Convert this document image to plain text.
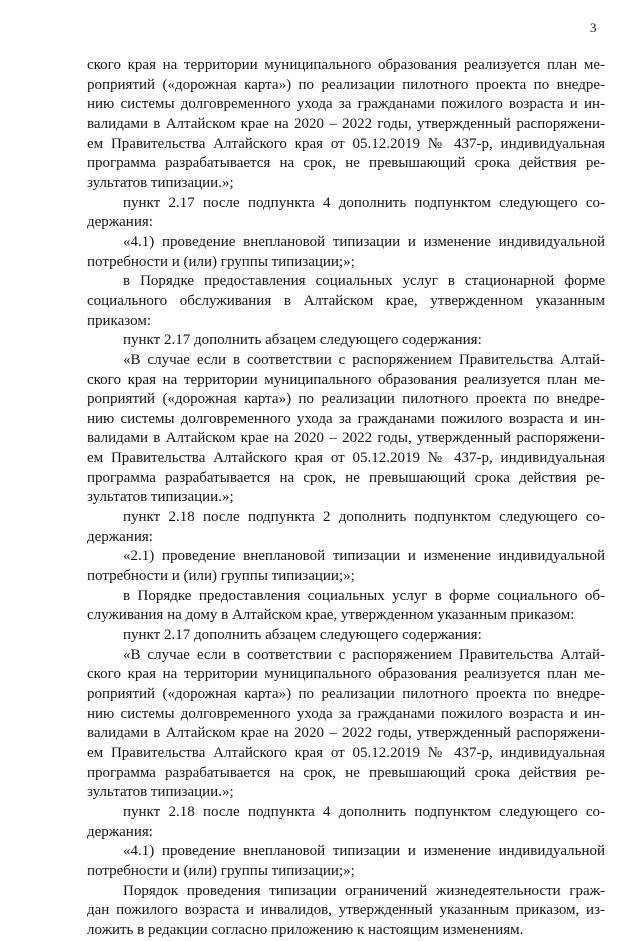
3
ского края на территории муниципального образования реализуется план ме-
роприятий («дорожная карта») по реализации пилотного проекта по внедре-
нию системы долговременного ухода за гражданами пожилого возраста и ин-
валидами в Алтайском крае на 2020 – 2022 годы, утвержденный распоряжени-
ем Правительства Алтайского края от 05.12.2019 № 437-р, индивидуальная
программа разрабатывается на срок, не превышающий срока действия ре-
зультатов типизации.»;
пункт 2.17 после подпункта 4 дополнить подпунктом следующего со-
держания:
«4.1) проведение внеплановой типизации и изменение индивидуальной
потребности и (или) группы типизации;»;
в Порядке предоставления социальных услуг в стационарной форме
социального обслуживания в Алтайском крае, утвержденном указанным
приказом:
пункт 2.17 дополнить абзацем следующего содержания:
«В случае если в соответствии с распоряжением Правительства Алтай-
ского края на территории муниципального образования реализуется план ме-
роприятий («дорожная карта») по реализации пилотного проекта по внедре-
нию системы долговременного ухода за гражданами пожилого возраста и ин-
валидами в Алтайском крае на 2020 – 2022 годы, утвержденный распоряжени-
ем Правительства Алтайского края от 05.12.2019 № 437-р, индивидуальная
программа разрабатывается на срок, не превышающий срока действия ре-
зультатов типизации.»;
пункт 2.18 после подпункта 2 дополнить подпунктом следующего со-
держания:
«2.1) проведение внеплановой типизации и изменение индивидуальной
потребности и (или) группы типизации;»;
в Порядке предоставления социальных услуг в форме социального об-
служивания на дому в Алтайском крае, утвержденном указанным приказом:
пункт 2.17 дополнить абзацем следующего содержания:
«В случае если в соответствии с распоряжением Правительства Алтай-
ского края на территории муниципального образования реализуется план ме-
роприятий («дорожная карта») по реализации пилотного проекта по внедре-
нию системы долговременного ухода за гражданами пожилого возраста и ин-
валидами в Алтайском крае на 2020 – 2022 годы, утвержденный распоряжени-
ем Правительства Алтайского края от 05.12.2019 № 437-р, индивидуальная
программа разрабатывается на срок, не превышающий срока действия ре-
зультатов типизации.»;
пункт 2.18 после подпункта 4 дополнить подпунктом следующего со-
держания:
«4.1) проведение внеплановой типизации и изменение индивидуальной
потребности и (или) группы типизации;»;
Порядок проведения типизации ограничений жизнедеятельности граж-
дан пожилого возраста и инвалидов, утвержденный указанным приказом, из-
ложить в редакции согласно приложению к настоящим изменениям.
